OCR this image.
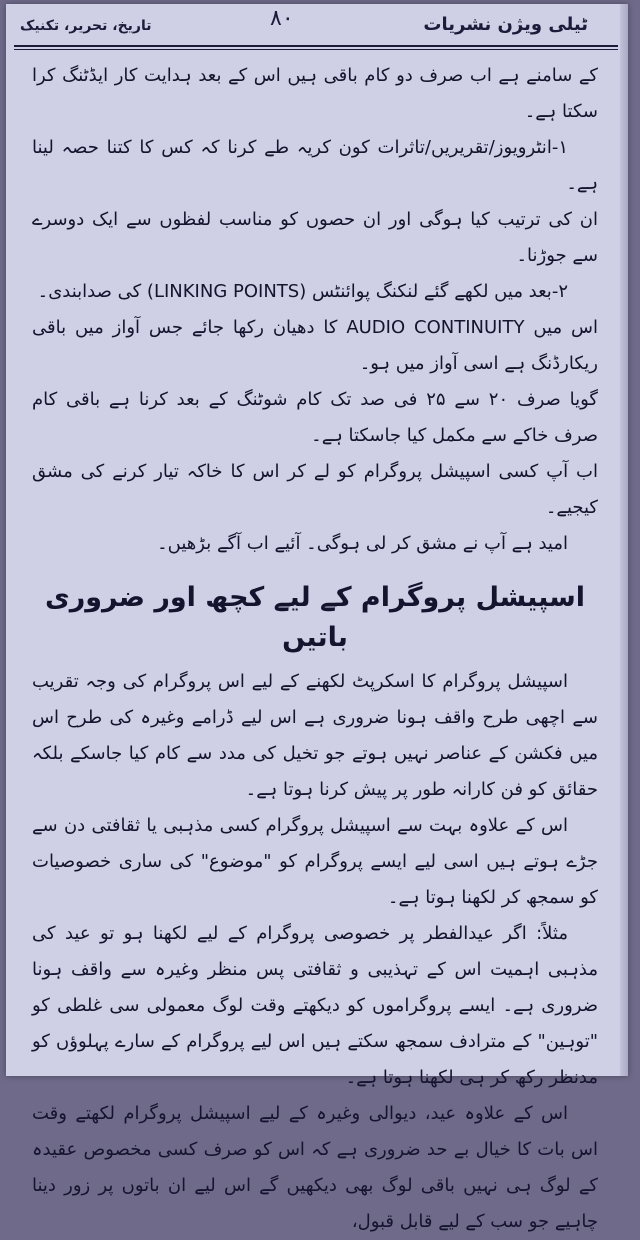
تاریخ، تحریر، تکنیک	۸۰	ٹیلی ویژن نشریات

کے سامنے ہے اب صرف دو کام باقی ہیں اس کے بعد ہدایت کار ایڈٹنگ کرا سکتا ہے۔

۱-انٹرویوز/تقریریں/تاثرات کون کریہ طے کرنا کہ کس کا کتنا حصہ لینا ہے۔

ان کی ترتیب کیا ہوگی اور ان حصوں کو مناسب لفظوں سے ایک دوسرے سے جوڑنا۔

۲-بعد میں لکھے گئے لنکنگ پوائنٹس (LINKING POINTS) کی صدابندی۔

اس میں AUDIO CONTINUITY کا دھیان رکھا جائے جس آواز میں باقی ریکارڈنگ ہے اسی آواز میں ہو۔

گویا صرف ۲۰ سے ۲۵ فی صد تک کام شوٹنگ کے بعد کرنا ہے باقی کام صرف خاکے سے مکمل کیا جاسکتا ہے۔

اب آپ کسی اسپیشل پروگرام کو لے کر اس کا خاکہ تیار کرنے کی مشق کیجیے۔

امید ہے آپ نے مشق کر لی ہوگی۔ آئیے اب آگے بڑھیں۔

اسپیشل پروگرام کے لیے کچھ اور ضروری باتیں

اسپیشل پروگرام کا اسکرپٹ لکھنے کے لیے اس پروگرام کی وجہ تقریب سے اچھی طرح واقف ہونا ضروری ہے اس لیے ڈرامے وغیرہ کی طرح اس میں فکشن کے عناصر نہیں ہوتے جو تخیل کی مدد سے کام کیا جاسکے بلکہ حقائق کو فن کارانہ طور پر پیش کرنا ہوتا ہے۔

اس کے علاوہ بہت سے اسپیشل پروگرام کسی مذہبی یا ثقافتی دن سے جڑے ہوتے ہیں اسی لیے ایسے پروگرام کو "موضوع" کی ساری خصوصیات کو سمجھ کر لکھنا ہوتا ہے۔

مثلاً: اگر عیدالفطر پر خصوصی پروگرام کے لیے لکھنا ہو تو عید کی مذہبی اہمیت اس کے تہذیبی و ثقافتی پس منظر وغیرہ سے واقف ہونا ضروری ہے۔ ایسے پروگراموں کو دیکھتے وقت لوگ معمولی سی غلطی کو "توہین" کے مترادف سمجھ سکتے ہیں اس لیے پروگرام کے سارے پہلوؤں کو مدنظر رکھ کر ہی لکھنا ہوتا ہے۔

اس کے علاوہ عید، دیوالی وغیرہ کے لیے اسپیشل پروگرام لکھتے وقت اس بات کا خیال بے حد ضروری ہے کہ اس کو صرف کسی مخصوص عقیدہ کے لوگ ہی نہیں باقی لوگ بھی دیکھیں گے اس لیے ان باتوں پر زور دینا چاہیے جو سب کے لیے قابل قبول،
